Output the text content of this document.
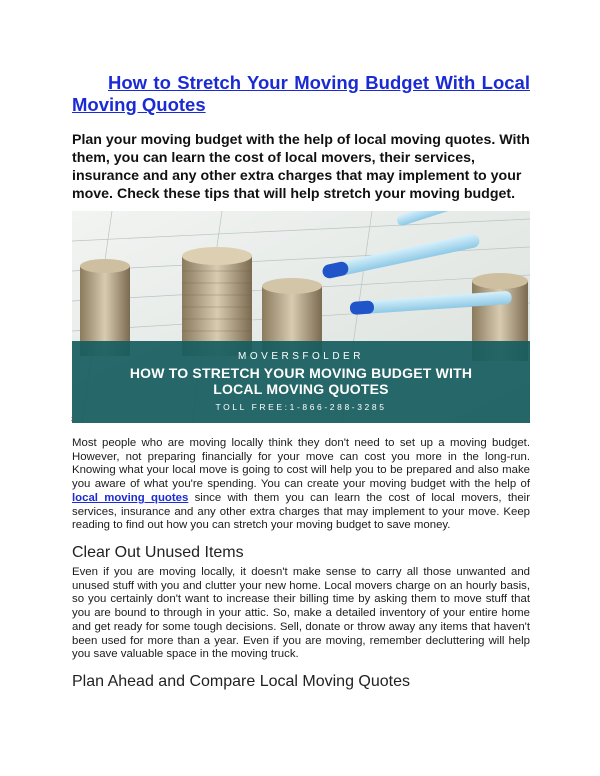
How to Stretch Your Moving Budget With Local Moving Quotes
Plan your moving budget with the help of local moving quotes. With them, you can learn the cost of local movers, their services, insurance and any other extra charges that may implement to your move. Check these tips that will help stretch your moving budget.
MOVERSFOLDER
HOW TO STRETCH YOUR MOVING BUDGET WITH
LOCAL MOVING QUOTES
TOLL FREE:1-866-288-3285
2
Most people who are moving locally think they don't need to set up a moving budget. However, not preparing financially for your move can cost you more in the long-run. Knowing what your local move is going to cost will help you to be prepared and also make you aware of what you're spending. You can create your moving budget with the help of local moving quotes since with them you can learn the cost of local movers, their services, insurance and any other extra charges that may implement to your move. Keep reading to find out how you can stretch your moving budget to save money.
Clear Out Unused Items
Even if you are moving locally, it doesn't make sense to carry all those unwanted and unused stuff with you and clutter your new home. Local movers charge on an hourly basis, so you certainly don't want to increase their billing time by asking them to move stuff that you are bound to through in your attic. So, make a detailed inventory of your entire home and get ready for some tough decisions. Sell, donate or throw away any items that haven't been used for more than a year. Even if you are moving, remember decluttering will help you save valuable space in the moving truck.
Plan Ahead and Compare Local Moving Quotes
